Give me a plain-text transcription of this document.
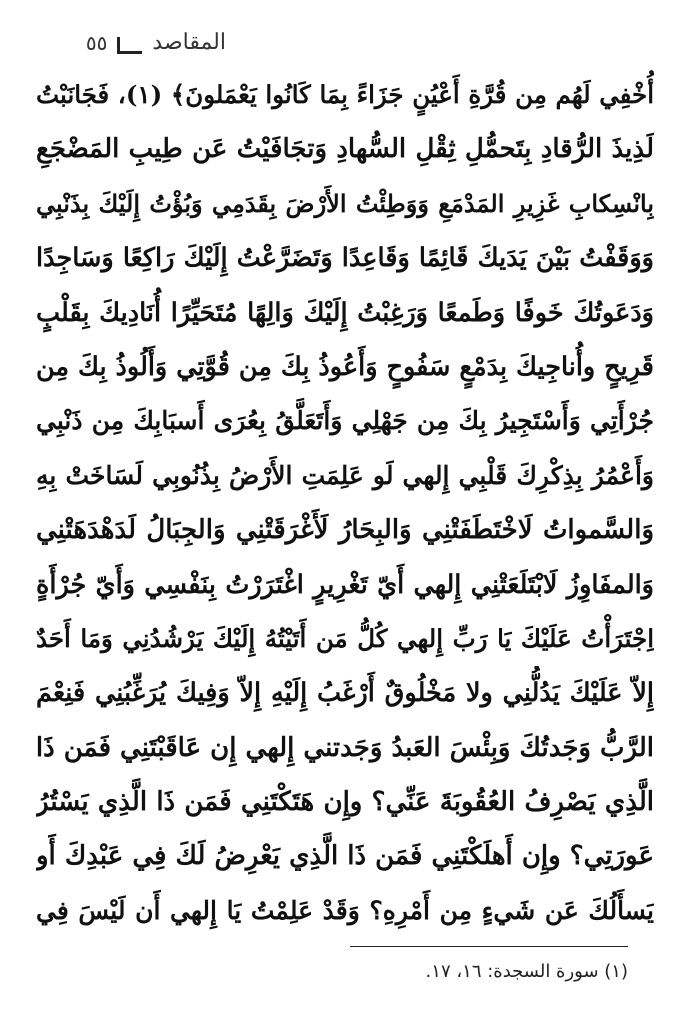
المقاصد
٥٥
أُخْفِي لَهُم مِن قُرَّةِ أَعْيُنٍ جَزَاءً بِمَا كَانُوا يَعْمَلونَ﴾ (١)، فَجَانَبْتُ
لَذِيذَ الرُّقادِ بِتَحمُّلِ ثِقْلِ السُّهادِ وَتجَافَيْتُ عَن طِيبِ المَضْجَعِ
بِانْسِكابِ غَزِيرِ المَدْمَعِ وَوَطِئْتُ الأَرْضَ بِقَدَمِي وَبُؤْتُ إِلَيْكَ بِذَنْبِي
وَوَقَفْتُ بَيْنَ يَدَيكَ قَائِمًا وَقَاعِدًا وَتَضَرَّعْتُ إِلَيْكَ رَاكِعًا وَسَاجِدًا
وَدَعَوتُكَ خَوفًا وَطَمعًا وَرَغِبْتُ إِلَيْكَ وَالِهًا مُتَحَيِّرًا أُنَادِيكَ بِقَلْبٍ
قَرِيحٍ وأُناجِيكَ بِدَمْعٍ سَفُوحٍ وَأَعُوذُ بِكَ مِن قُوَّتِي وَأَلُوذُ بِكَ مِن
جُرْأَتِي وَأَسْتَجِيرُ بِكَ مِن جَهْلِي وَأَتَعَلَّقُ بِعُرَى أَسبَابِكَ مِن ذَنْبِي
وَأَعْمُرُ بِذِكْرِكَ قَلْبِي إِلهي لَو عَلِمَتِ الأَرْضُ بِذُنُوبِي لَسَاخَتْ بِهِ
وَالسَّمواتُ لَاخْتَطَفَتْنِي وَالبِحَارُ لَأَغْرَقَتْنِي وَالجِبَالُ لَدَهْدَهَتْنِي
وَالمفَاوِزُ لَابْتَلَعَتْنِي إِلهي أَيّ تَغْرِيرٍ اغْتَرَرْتُ بِنَفْسِي وَأَيّ جُرْأَةٍ
اِجْتَرَأْتُ عَلَيْكَ يَا رَبِّ إِلهي كُلُّ مَن أَتَيْتُهُ إِلَيْكَ يَرْشُدُنِي وَمَا أَحَدٌ
إِلاّ عَلَيْكَ يَدُلُّنِي ولا مَخْلُوقٌ أَرْغَبُ إِلَيْهِ إِلاّ وَفِيكَ يُرَغِّبُنِي فَنِعْمَ
الرَّبُّ وَجَدتُكَ وَبِئْسَ العَبدُ وَجَدتني إِلهي إِن عَاقَبْتَنِي فَمَن ذَا
الَّذِي يَصْرِفُ العُقُوبَةَ عَنِّي؟ وإِن هَتَكْتَنِي فَمَن ذَا الَّذِي يَسْتُرُ
عَورَتِي؟ وإِن أَهلَكْتَنِي فَمَن ذَا الَّذِي يَعْرِضُ لَكَ فِي عَبْدِكَ أَو
يَسأَلُكَ عَن شَيءٍ مِن أَمْرِهِ؟ وَقَدْ عَلِمْتُ يَا إِلهي أَن لَيْسَ فِي
(١) سورة السجدة: ١٦، ١٧.
